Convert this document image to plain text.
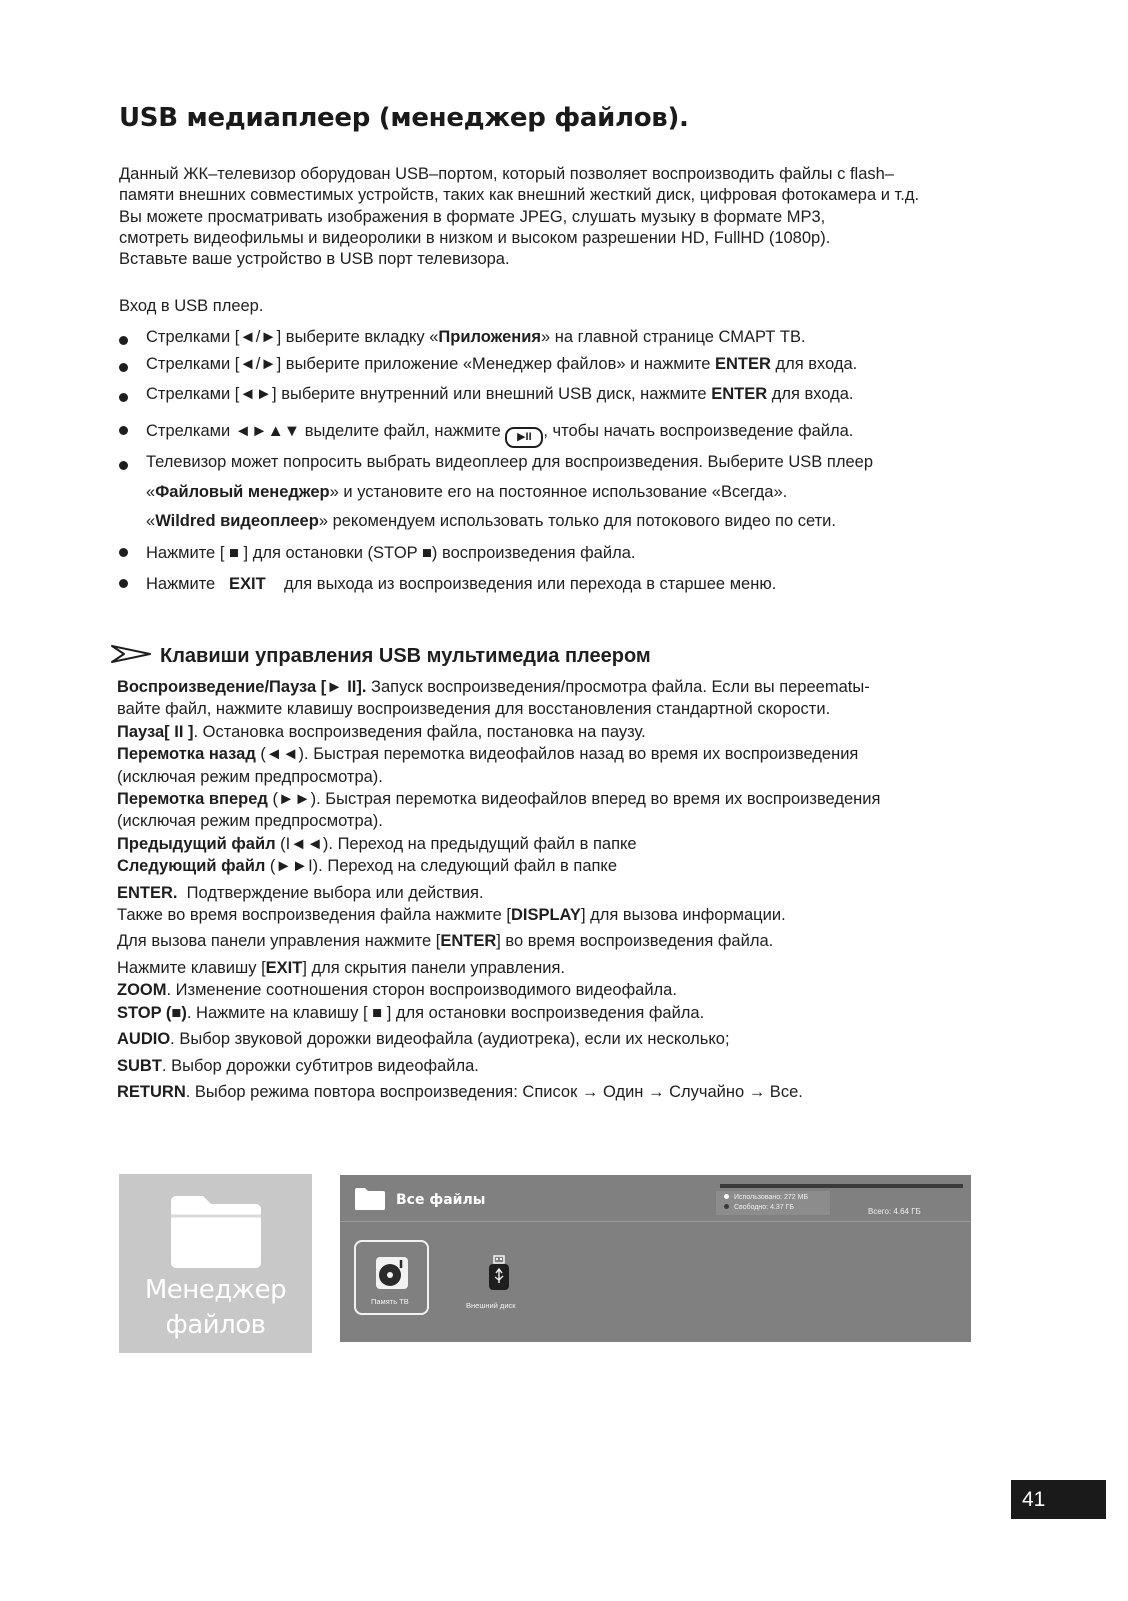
USB медиаплеер (менеджер файлов).
Данный ЖК–телевизор оборудован USB–портом, который позволяет воспроизводить файлы с flash–
памяти внешних совместимых устройств, таких как внешний жесткий диск, цифровая фотокамера и т.д.
Вы можете просматривать изображения в формате JPEG, слушать музыку в формате MP3,
смотреть видеофильмы и видеоролики в низком и высоком разрешении HD, FullHD (1080p).
Вставьте ваше устройство в USB порт телевизора.
Вход в USB плеер.
Стрелками [◄/►] выберите вкладку «Приложения» на главной странице СМАРТ ТВ.
Стрелками [◄/►] выберите приложение «Менеджер файлов» и нажмите ENTER для входа.
Стрелками [◄►] выберите внутренний или внешний USB диск, нажмите ENTER для входа.
Стрелками ◄►▲▼ выделите файл, нажмите ▶II , чтобы начать воспроизведение файла.
Телевизор может попросить выбрать видеоплеер для воспроизведения. Выберите USB плеер
«Файловый менеджер» и установите его на постоянное использование «Всегда».
«Wildred видеоплеер» рекомендуем использовать только для потокового видео по сети.
Нажмите [ ■ ] для остановки (STOP ■) воспроизведения файла.
Нажмите   EXIT    для выхода из воспроизведения или перехода в старшее меню.
Клавиши управления USB мультимедиа плеером
Воспроизведение/Пауза [► II]. Запуск воспроизведения/просмотра файла. Если вы переematы-
вайте файл, нажмите клавишу воспроизведения для восстановления стандартной скорости.
Пауза[ II ]. Остановка воспроизведения файла, постановка на паузу.
Перемотка назад (◄◄). Быстрая перемотка видеофайлов назад во время их воспроизведения
(исключая режим предпросмотра).
Перемотка вперед (►►). Быстрая перемотка видеофайлов вперед во время их воспроизведения
(исключая режим предпросмотра).
Предыдущий файл (I◄◄). Переход на предыдущий файл в папке
Следующий файл (►►I). Переход на следующий файл в папке
ENTER.  Подтверждение выбора или действия.
Также во время воспроизведения файла нажмите [DISPLAY] для вызова информации.
Для вызова панели управления нажмите [ENTER] во время воспроизведения файла.
Нажмите клавишу [EXIT] для скрытия панели управления.
ZOOM. Изменение соотношения сторон воспроизводимого видеофайла.
STOP (■). Нажмите на клавишу [ ■ ] для остановки воспроизведения файла.
AUDIO. Выбор звуковой дорожки видеофайла (аудиотрека), если их несколько;
SUBT. Выбор дорожки субтитров видеофайла.
RETURN. Выбор режима повтора воспроизведения: Список → Один → Случайно → Все.
Менеджер
файлов
Все файлы	Использовано: 272 МБ
Свободно: 4.37 ГБ	Всего: 4.64 ГБ
Память ТВ	Внешний диск
41
